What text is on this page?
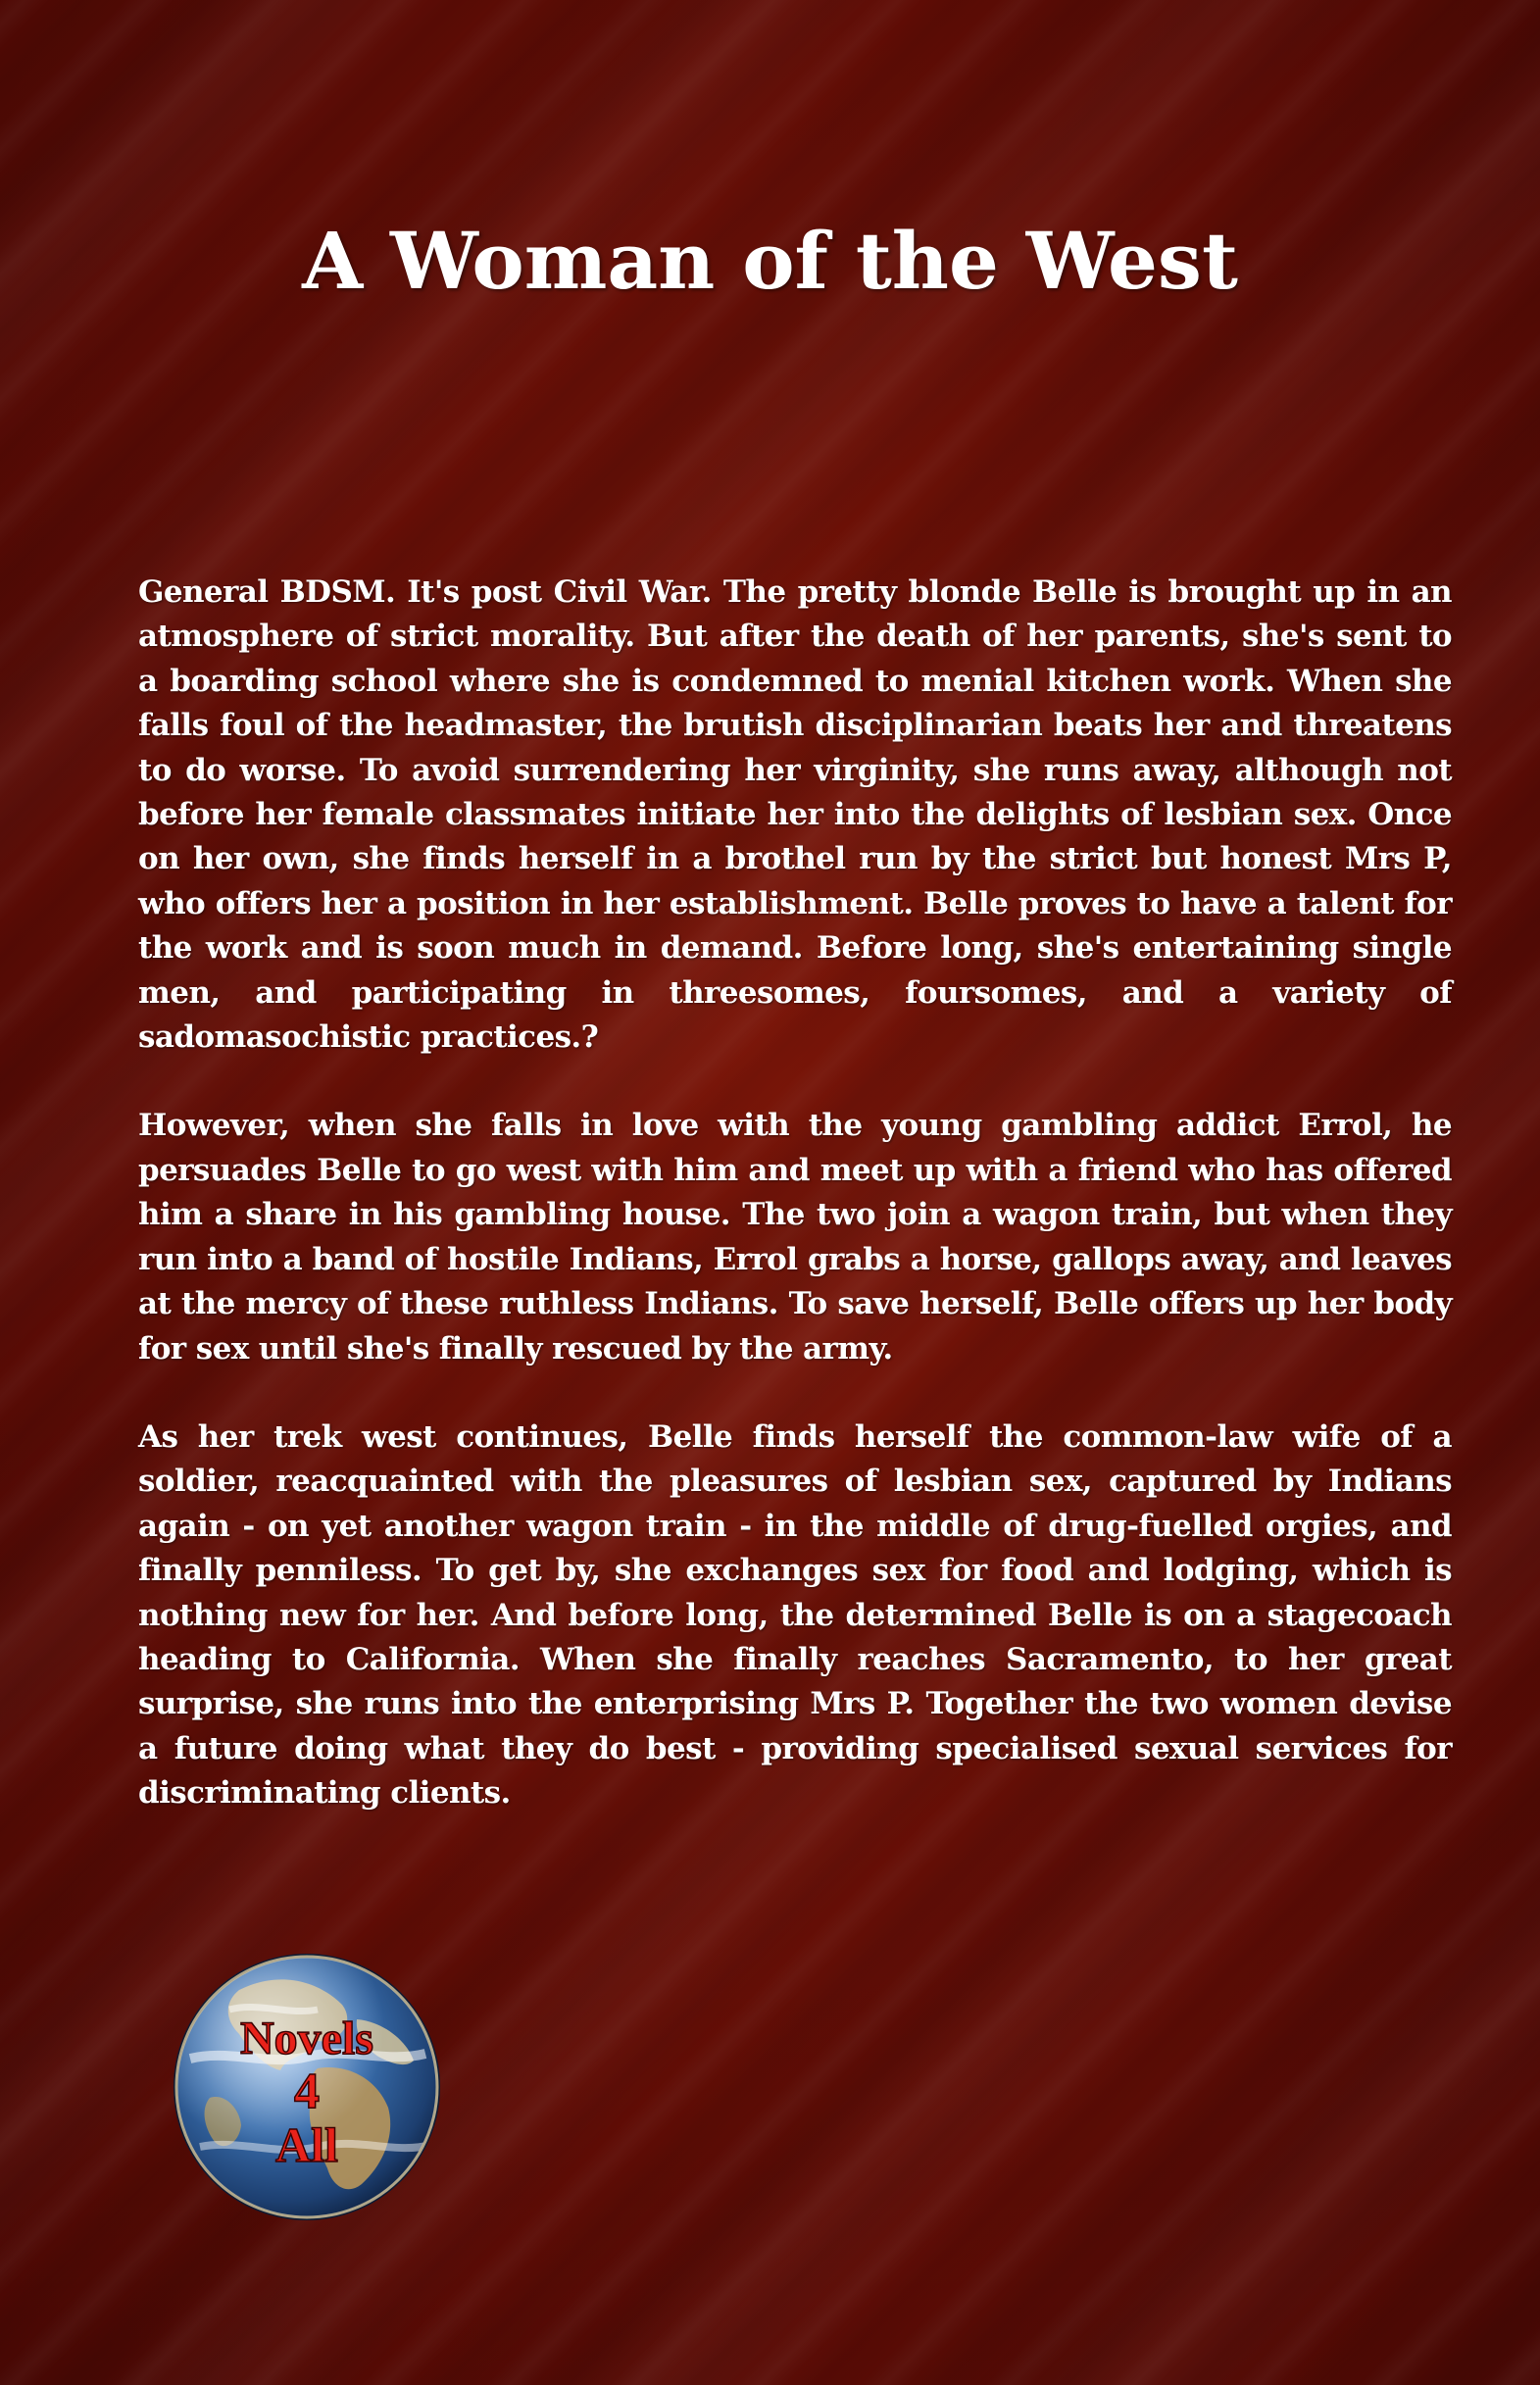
A Woman of the West

General BDSM. It's post Civil War. The pretty blonde Belle is brought up in an atmosphere of strict morality. But after the death of her parents, she's sent to a boarding school where she is condemned to menial kitchen work. When she falls foul of the headmaster, the brutish disciplinarian beats her and threatens to do worse. To avoid surrendering her virginity, she runs away, although not before her female classmates initiate her into the delights of lesbian sex. Once on her own, she finds herself in a brothel run by the strict but honest Mrs P, who offers her a position in her establishment. Belle proves to have a talent for the work and is soon much in demand. Before long, she's entertaining single men, and participating in threesomes, foursomes, and a variety of sadomasochistic practices.?

However, when she falls in love with the young gambling addict Errol, he persuades Belle to go west with him and meet up with a friend who has offered him a share in his gambling house. The two join a wagon train, but when they run into a band of hostile Indians, Errol grabs a horse, gallops away, and leaves at the mercy of these ruthless Indians. To save herself, Belle offers up her body for sex until she's finally rescued by the army.

As her trek west continues, Belle finds herself the common-law wife of a soldier, reacquainted with the pleasures of lesbian sex, captured by Indians again - on yet another wagon train - in the middle of drug-fuelled orgies, and finally penniless. To get by, she exchanges sex for food and lodging, which is nothing new for her. And before long, the determined Belle is on a stagecoach heading to California. When she finally reaches Sacramento, to her great surprise, she runs into the enterprising Mrs P. Together the two women devise a future doing what they do best - providing specialised sexual services for discriminating clients.

Novels
4
All
